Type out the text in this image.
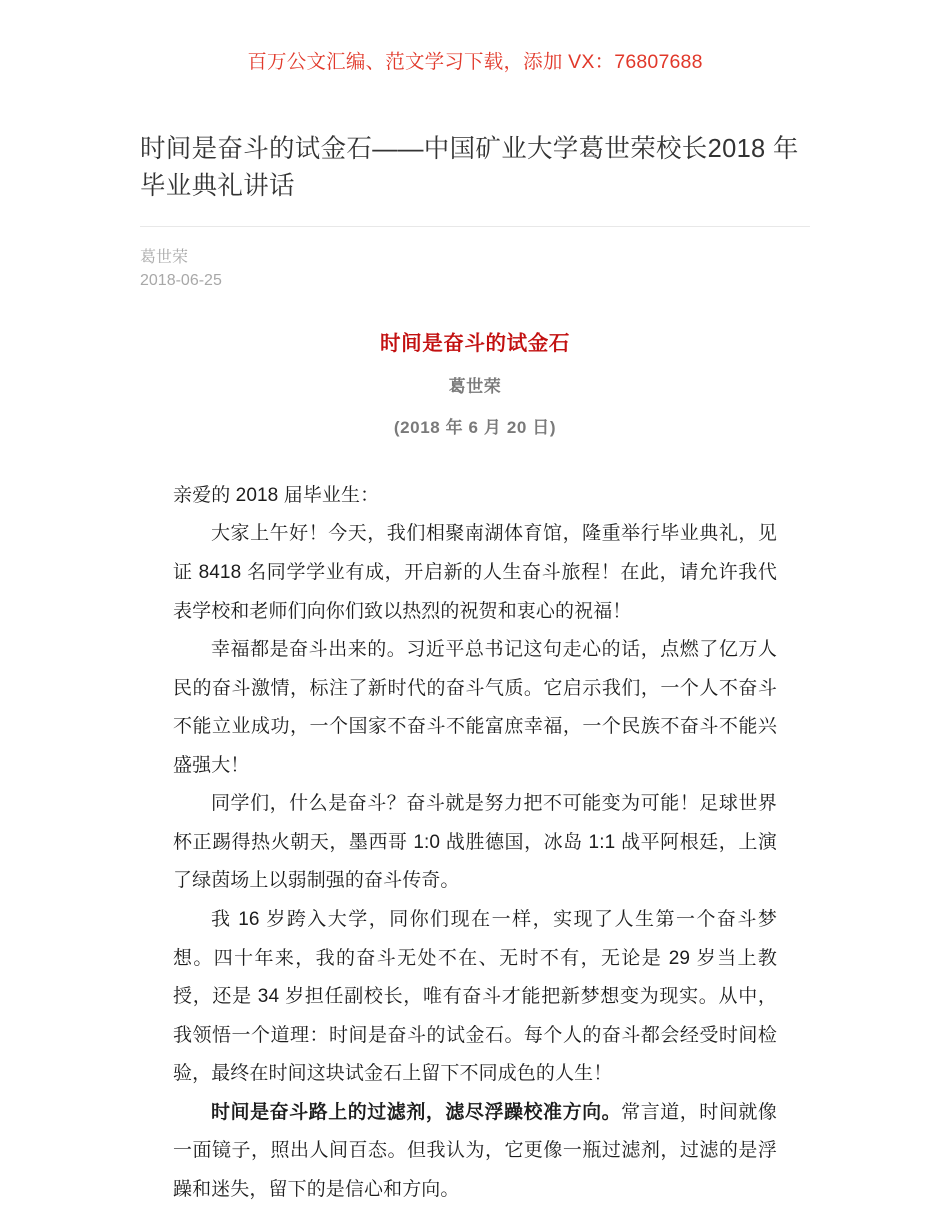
百万公文汇编、范文学习下载，添加 VX：76807688
时间是奋斗的试金石——中国矿业大学葛世荣校长2018 年毕业典礼讲话
葛世荣
2018-06-25
时间是奋斗的试金石
葛世荣
(2018 年 6 月 20 日)

亲爱的 2018 届毕业生：

大家上午好！今天，我们相聚南湖体育馆，隆重举行毕业典礼，见证 8418 名同学学业有成，开启新的人生奋斗旅程！在此，请允许我代表学校和老师们向你们致以热烈的祝贺和衷心的祝福！

幸福都是奋斗出来的。习近平总书记这句走心的话，点燃了亿万人民的奋斗激情，标注了新时代的奋斗气质。它启示我们，一个人不奋斗不能立业成功，一个国家不奋斗不能富庶幸福，一个民族不奋斗不能兴盛强大！

同学们，什么是奋斗？奋斗就是努力把不可能变为可能！足球世界杯正踢得热火朝天，墨西哥 1:0 战胜德国，冰岛 1:1 战平阿根廷，上演了绿茵场上以弱制强的奋斗传奇。

我 16 岁跨入大学，同你们现在一样，实现了人生第一个奋斗梦想。四十年来，我的奋斗无处不在、无时不有，无论是 29 岁当上教授，还是 34 岁担任副校长，唯有奋斗才能把新梦想变为现实。从中，我领悟一个道理：时间是奋斗的试金石。每个人的奋斗都会经受时间检验，最终在时间这块试金石上留下不同成色的人生！

时间是奋斗路上的过滤剂，滤尽浮躁校准方向。常言道，时间就像一面镜子，照出人间百态。但我认为，它更像一瓶过滤剂，过滤的是浮躁和迷失，留下的是信心和方向。
